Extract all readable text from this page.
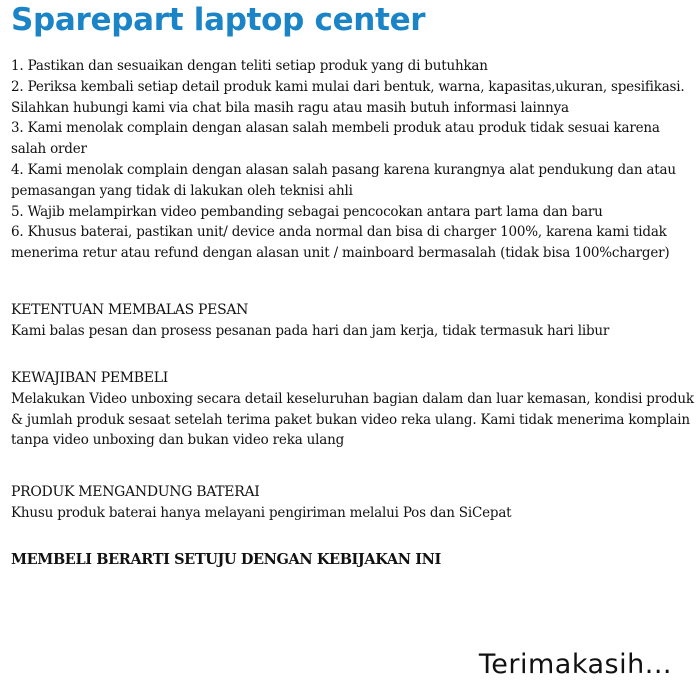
Sparepart laptop center
1. Pastikan dan sesuaikan dengan teliti setiap produk yang di butuhkan
2. Periksa kembali setiap detail produk kami mulai dari bentuk, warna, kapasitas,ukuran, spesifikasi. Silahkan hubungi kami via chat bila masih ragu atau masih butuh informasi lainnya
3. Kami menolak complain dengan alasan salah membeli produk atau produk tidak sesuai karena salah order
4. Kami menolak complain dengan alasan salah pasang karena kurangnya alat pendukung dan atau pemasangan yang tidak di lakukan oleh teknisi ahli
5. Wajib melampirkan video pembanding sebagai pencocokan antara part lama dan baru
6. Khusus baterai, pastikan unit/ device anda normal dan bisa di charger 100%, karena kami tidak menerima retur atau refund dengan alasan unit / mainboard bermasalah (tidak bisa 100%charger)
KETENTUAN MEMBALAS PESAN

Kami balas pesan dan prosess pesanan pada hari dan jam kerja, tidak termasuk hari libur

KEWAJIBAN PEMBELI

Melakukan Video unboxing secara detail keseluruhan bagian dalam dan luar kemasan, kondisi produk & jumlah produk sesaat setelah terima paket bukan video reka ulang. Kami tidak menerima komplain tanpa video unboxing dan bukan video reka ulang

PRODUK MENGANDUNG BATERAI

Khusu produk baterai hanya melayani pengiriman melalui Pos dan SiCepat

MEMBELI BERARTI SETUJU DENGAN KEBIJAKAN INI

Terimakasih...
